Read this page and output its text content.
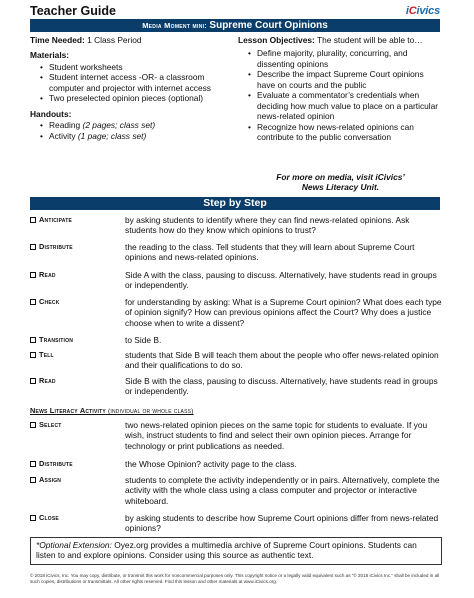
Teacher Guide	iCivics
Media Moment mini: Supreme Court Opinions
Time Needed: 1 Class Period
Materials:
• Student worksheets
• Student internet access -OR- a classroom computer and projector with internet access
• Two preselected opinion pieces (optional)
Handouts:
• Reading (2 pages; class set)
• Activity (1 page; class set)
Lesson Objectives: The student will be able to…
• Define majority, plurality, concurring, and dissenting opinions
• Describe the impact Supreme Court opinions have on courts and the public
• Evaluate a commentator’s credentials when deciding how much value to place on a particular news-related opinion
• Recognize how news-related opinions can contribute to the public conversation
For more on media, visit iCivics’
News Literacy Unit.
Step by Step
Anticipate	by asking students to identify where they can find news-related opinions. Ask students how do they know which opinions to trust?
Distribute	the reading to the class. Tell students that they will learn about Supreme Court opinions and news-related opinions.
Read	Side A with the class, pausing to discuss. Alternatively, have students read in groups or independently.
Check	for understanding by asking: What is a Supreme Court opinion? What does each type of opinion signify? How can previous opinions affect the Court? Why does a justice choose when to write a dissent?
Transition	to Side B.
Tell	students that Side B will teach them about the people who offer news-related opinion and their qualifications to do so.
Read	Side B with the class, pausing to discuss. Alternatively, have students read in groups or independently.
News Literacy Activity (individual or whole class)
Select	two news-related opinion pieces on the same topic for students to evaluate. If you wish, instruct students to find and select their own opinion pieces. Arrange for technology or print publications as needed.
Distribute	the Whose Opinion? activity page to the class.
Assign	students to complete the activity independently or in pairs. Alternatively, complete the activity with the whole class using a class computer and projector or interactive whiteboard.
Close	by asking students to describe how Supreme Court opinions differ from news-related opinions?
*Optional Extension: Oyez.org provides a multimedia archive of Supreme Court opinions. Students can listen to and explore opinions. Consider using this source as authentic text.
© 2018 iCivics, Inc. You may copy, distribute, or transmit this work for noncommercial purposes only. This copyright notice or a legally valid equivalent such as “© 2018 iCivics Inc.” shall be included in all such copies, distributions or transmittals. All other rights reserved. Find this lesson and other materials at www.iCivics.org.
